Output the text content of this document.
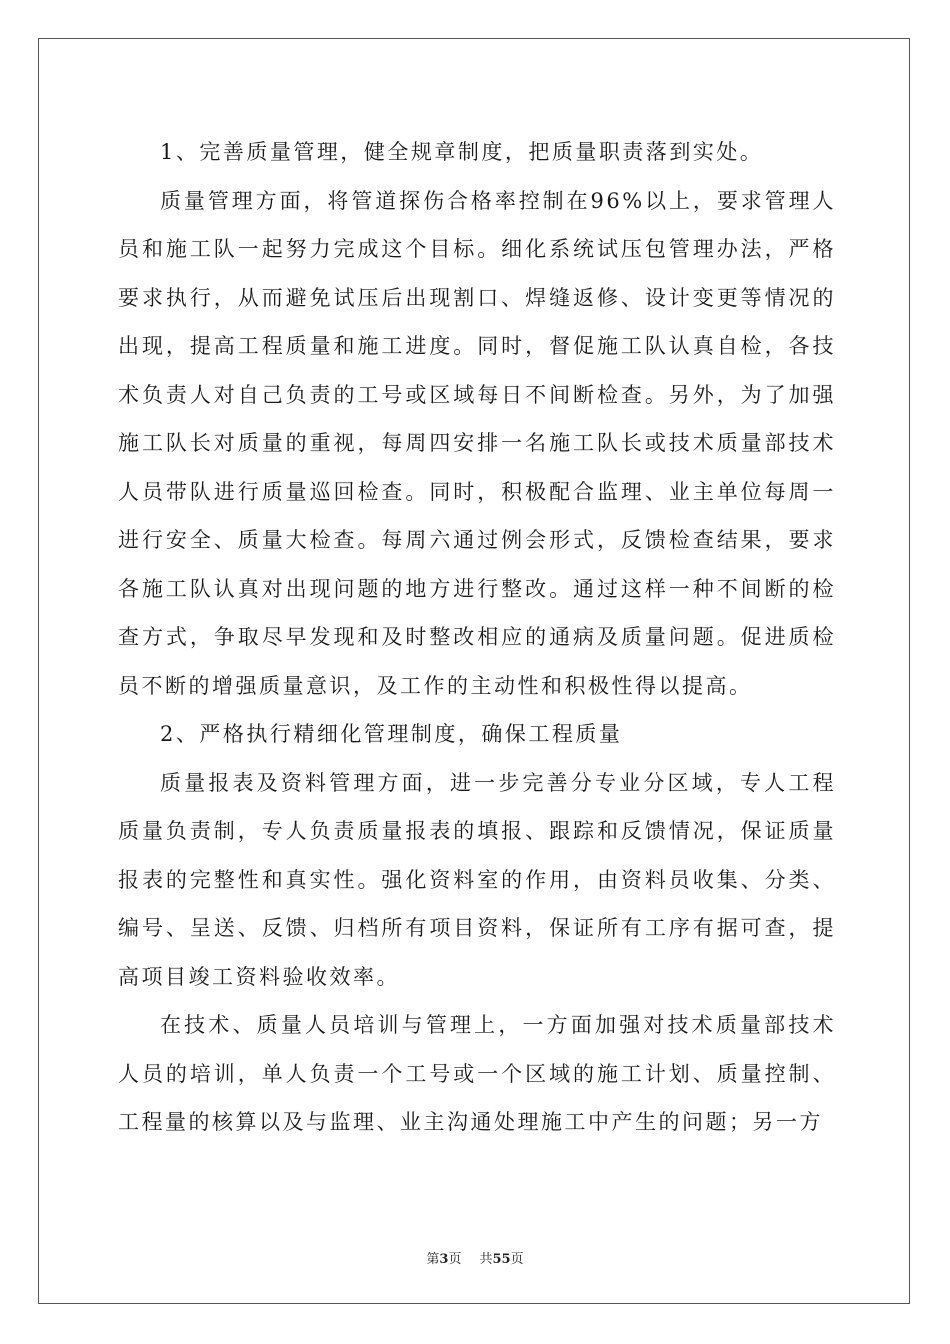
1、完善质量管理，健全规章制度，把质量职责落到实处。

质量管理方面，将管道探伤合格率控制在96%以上，要求管理人员和施工队一起努力完成这个目标。细化系统试压包管理办法，严格要求执行，从而避免试压后出现割口、焊缝返修、设计变更等情况的出现，提高工程质量和施工进度。同时，督促施工队认真自检，各技术负责人对自己负责的工号或区域每日不间断检查。另外，为了加强施工队长对质量的重视，每周四安排一名施工队长或技术质量部技术人员带队进行质量巡回检查。同时，积极配合监理、业主单位每周一进行安全、质量大检查。每周六通过例会形式，反馈检查结果，要求各施工队认真对出现问题的地方进行整改。通过这样一种不间断的检查方式，争取尽早发现和及时整改相应的通病及质量问题。促进质检员不断的增强质量意识，及工作的主动性和积极性得以提高。

2、严格执行精细化管理制度，确保工程质量

质量报表及资料管理方面，进一步完善分专业分区域，专人工程质量负责制，专人负责质量报表的填报、跟踪和反馈情况，保证质量报表的完整性和真实性。强化资料室的作用，由资料员收集、分类、编号、呈送、反馈、归档所有项目资料，保证所有工序有据可查，提高项目竣工资料验收效率。

在技术、质量人员培训与管理上，一方面加强对技术质量部技术人员的培训，单人负责一个工号或一个区域的施工计划、质量控制、工程量的核算以及与监理、业主沟通处理施工中产生的问题；另一方

第3页 共55页
